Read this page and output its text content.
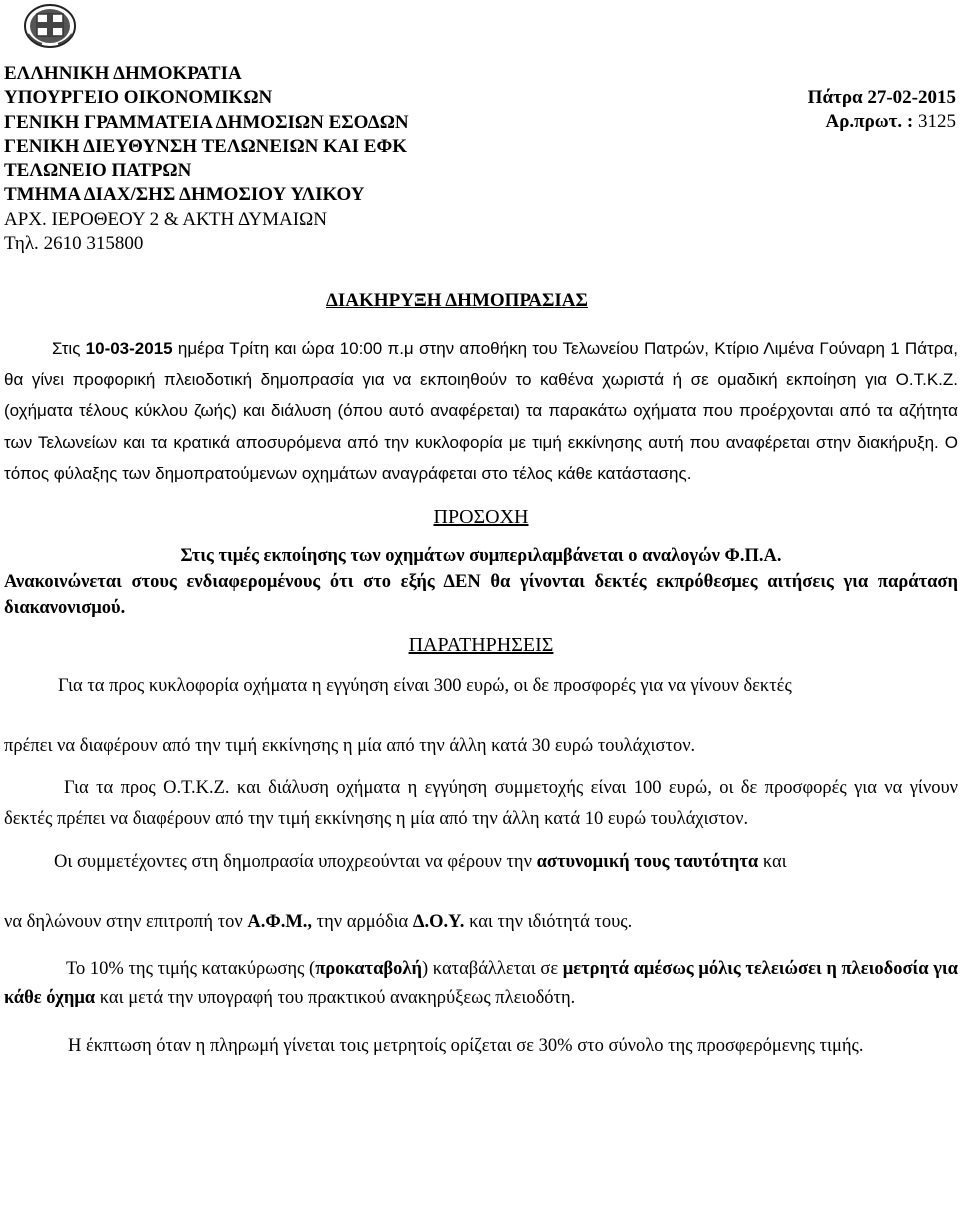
ΕΛΛΗΝΙΚΗ ΔΗΜΟΚΡΑΤΙΑ
ΥΠΟΥΡΓΕΙΟ ΟΙΚΟΝΟΜΙΚΩΝ
ΓΕΝΙΚΗ ΓΡΑΜΜΑΤΕΙΑ ΔΗΜΟΣΙΩΝ ΕΣΟΔΩΝ
ΓΕΝΙΚΗ ΔΙΕΥΘΥΝΣΗ ΤΕΛΩΝΕΙΩΝ ΚΑΙ ΕΦΚ
ΤΕΛΩΝΕΙΟ ΠΑΤΡΩΝ
ΤΜΗΜΑ ΔΙΑΧ/ΣΗΣ ΔΗΜΟΣΙΟΥ ΥΛΙΚΟΥ
ΑΡΧ. ΙΕΡΟΘΕΟΥ 2 & ΑΚΤΗ ΔΥΜΑΙΩΝ
Τηλ. 2610 315800
Πάτρα 27-02-2015
Αρ.πρωτ. : 3125
ΔΙΑΚΗΡΥΞΗ ΔΗΜΟΠΡΑΣΙΑΣ

Στις 10-03-2015 ημέρα Τρίτη και ώρα 10:00 π.μ στην αποθήκη του Τελωνείου Πατρών, Κτίριο Λιμένα Γούναρη 1 Πάτρα, θα γίνει προφορική πλειοδοτική δημοπρασία για να εκποιηθούν το καθένα χωριστά ή σε ομαδική εκποίηση για Ο.Τ.Κ.Ζ. (οχήματα τέλους κύκλου ζωής) και διάλυση (όπου αυτό αναφέρεται) τα παρακάτω οχήματα που προέρχονται από τα αζήτητα των Τελωνείων και τα κρατικά αποσυρόμενα από την κυκλοφορία με τιμή εκκίνησης αυτή που αναφέρεται στην διακήρυξη. Ο τόπος φύλαξης των δημοπρατούμενων οχημάτων αναγράφεται στο τέλος κάθε κατάστασης.

ΠΡΟΣΟΧΗ

Στις τιμές εκποίησης των οχημάτων συμπεριλαμβάνεται ο αναλογών Φ.Π.Α.

Ανακοινώνεται στους ενδιαφερομένους ότι στο εξής ΔΕΝ θα γίνονται δεκτές εκπρόθεσμες αιτήσεις για παράταση διακανονισμού.

ΠΑΡΑΤΗΡΗΣΕΙΣ

Για τα προς κυκλοφορία οχήματα η εγγύηση είναι 300 ευρώ, οι δε προσφορές για να γίνουν δεκτές

πρέπει να διαφέρουν από την τιμή εκκίνησης η μία από την άλλη κατά 30 ευρώ τουλάχιστον.

Για τα προς Ο.Τ.Κ.Ζ. και διάλυση οχήματα η εγγύηση συμμετοχής είναι 100 ευρώ, οι δε προσφορές για να γίνουν δεκτές πρέπει να διαφέρουν από την τιμή εκκίνησης η μία από την άλλη κατά 10 ευρώ τουλάχιστον.

Οι συμμετέχοντες στη δημοπρασία υποχρεούνται να φέρουν την αστυνομική τους ταυτότητα και

να δηλώνουν στην επιτροπή τον Α.Φ.Μ., την αρμόδια Δ.Ο.Υ. και την ιδιότητά τους.

Το 10% της τιμής κατακύρωσης (προκαταβολή) καταβάλλεται σε μετρητά αμέσως μόλις τελειώσει η πλειοδοσία για κάθε όχημα και μετά την υπογραφή του πρακτικού ανακηρύξεως πλειοδότη.

Η έκπτωση όταν η πληρωμή γίνεται τοις μετρητοίς ορίζεται σε 30% στο σύνολο της προσφερόμενης τιμής.
